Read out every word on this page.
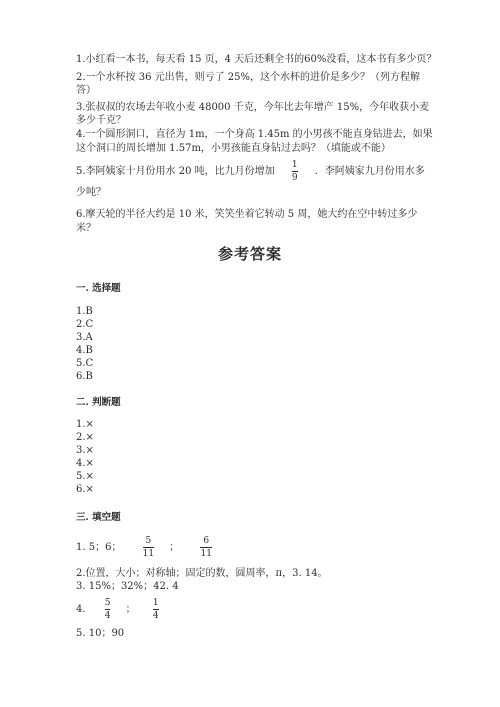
1.小红看一本书，每天看 15 页，4 天后还剩全书的60%没看，这本书有多少页？
2.一个水杯按 36 元出售，则亏了 25%，这个水杯的进价是多少？（列方程解
答）
3.张叔叔的农场去年收小麦 48000 千克，今年比去年增产 15%，今年收获小麦
多少千克？
4.一个圆形洞口，直径为 1m，一个身高 1.45m 的小男孩不能直身钻进去，如果
这个洞口的周长增加 1.57m，小男孩能直身钻过去吗？（填能或不能）
5.李阿姨家十月份用水 20 吨，比九月份增加 $\frac{1}{9}$ ．李阿姨家九月份用水多
少吨？
6.摩天轮的半径大约是 10 米，笑笑坐着它转动 5 周，她大约在空中转过多少
米？
参考答案
一. 选择题
1.B
2.C
3.A
4.B
5.C
6.B
二. 判断题
1.×
2.×
3.×
4.×
5.×
6.×
三. 填空题
1. 5；6； $\frac{5}{11}$ ； $\frac{6}{11}$
2.位置，大小；对称轴；固定的数，圆周率，π，3. 14。
3. 15%；32%；42. 4
4. $\frac{5}{4}$ ； $\frac{1}{4}$
5. 10；90
